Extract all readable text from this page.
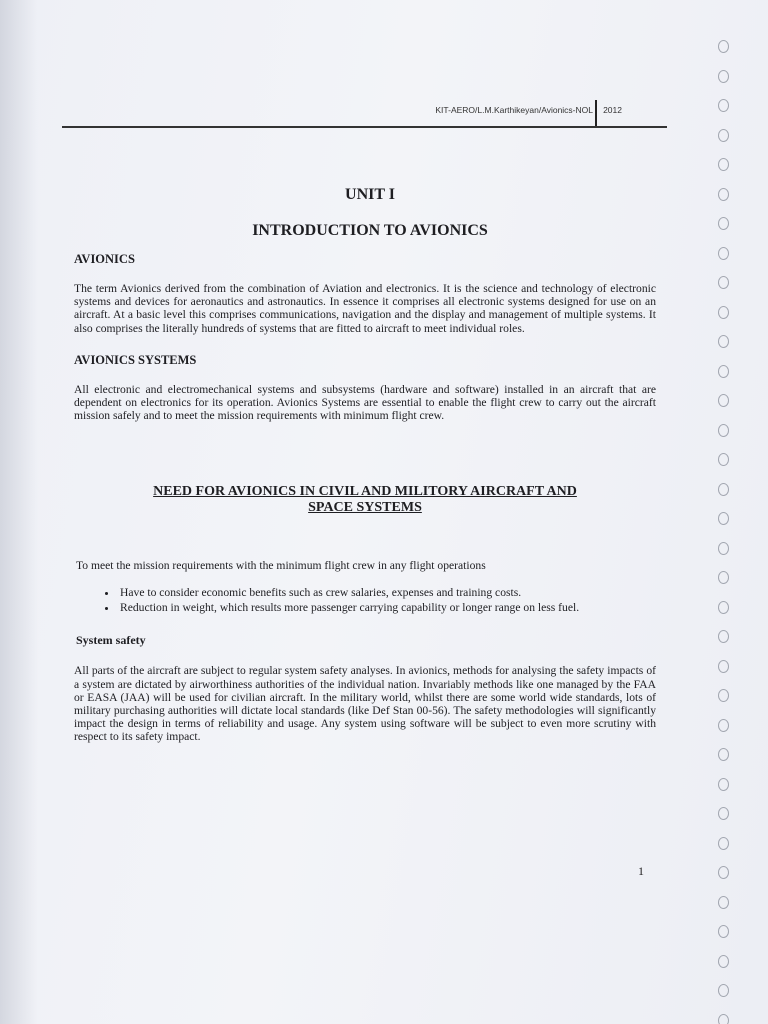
KIT-AERO/L.M.Karthikeyan/Avionics-NOL 2012
UNIT I
INTRODUCTION TO AVIONICS
AVIONICS

The term Avionics derived from the combination of Aviation and electronics. It is the science and technology of electronic systems and devices for aeronautics and astronautics. In essence it comprises all electronic systems designed for use on an aircraft. At a basic level this comprises communications, navigation and the display and management of multiple systems. It also comprises the literally hundreds of systems that are fitted to aircraft to meet individual roles.

AVIONICS SYSTEMS

All electronic and electromechanical systems and subsystems (hardware and software) installed in an aircraft that are dependent on electronics for its operation. Avionics Systems are essential to enable the flight crew to carry out the aircraft mission safely and to meet the mission requirements with minimum flight crew.

NEED FOR AVIONICS IN CIVIL AND MILITORY AIRCRAFT AND
SPACE SYSTEMS
To meet the mission requirements with the minimum flight crew in any flight operations
• Have to consider economic benefits such as crew salaries, expenses and training costs.
• Reduction in weight, which results more passenger carrying capability or longer range on less fuel.
System safety

All parts of the aircraft are subject to regular system safety analyses. In avionics, methods for analysing the safety impacts of a system are dictated by airworthiness authorities of the individual nation. Invariably methods like one managed by the FAA or EASA (JAA) will be used for civilian aircraft. In the military world, whilst there are some world wide standards, lots of military purchasing authorities will dictate local standards (like Def Stan 00-56). The safety methodologies will significantly impact the design in terms of reliability and usage. Any system using software will be subject to even more scrutiny with respect to its safety impact.

1
